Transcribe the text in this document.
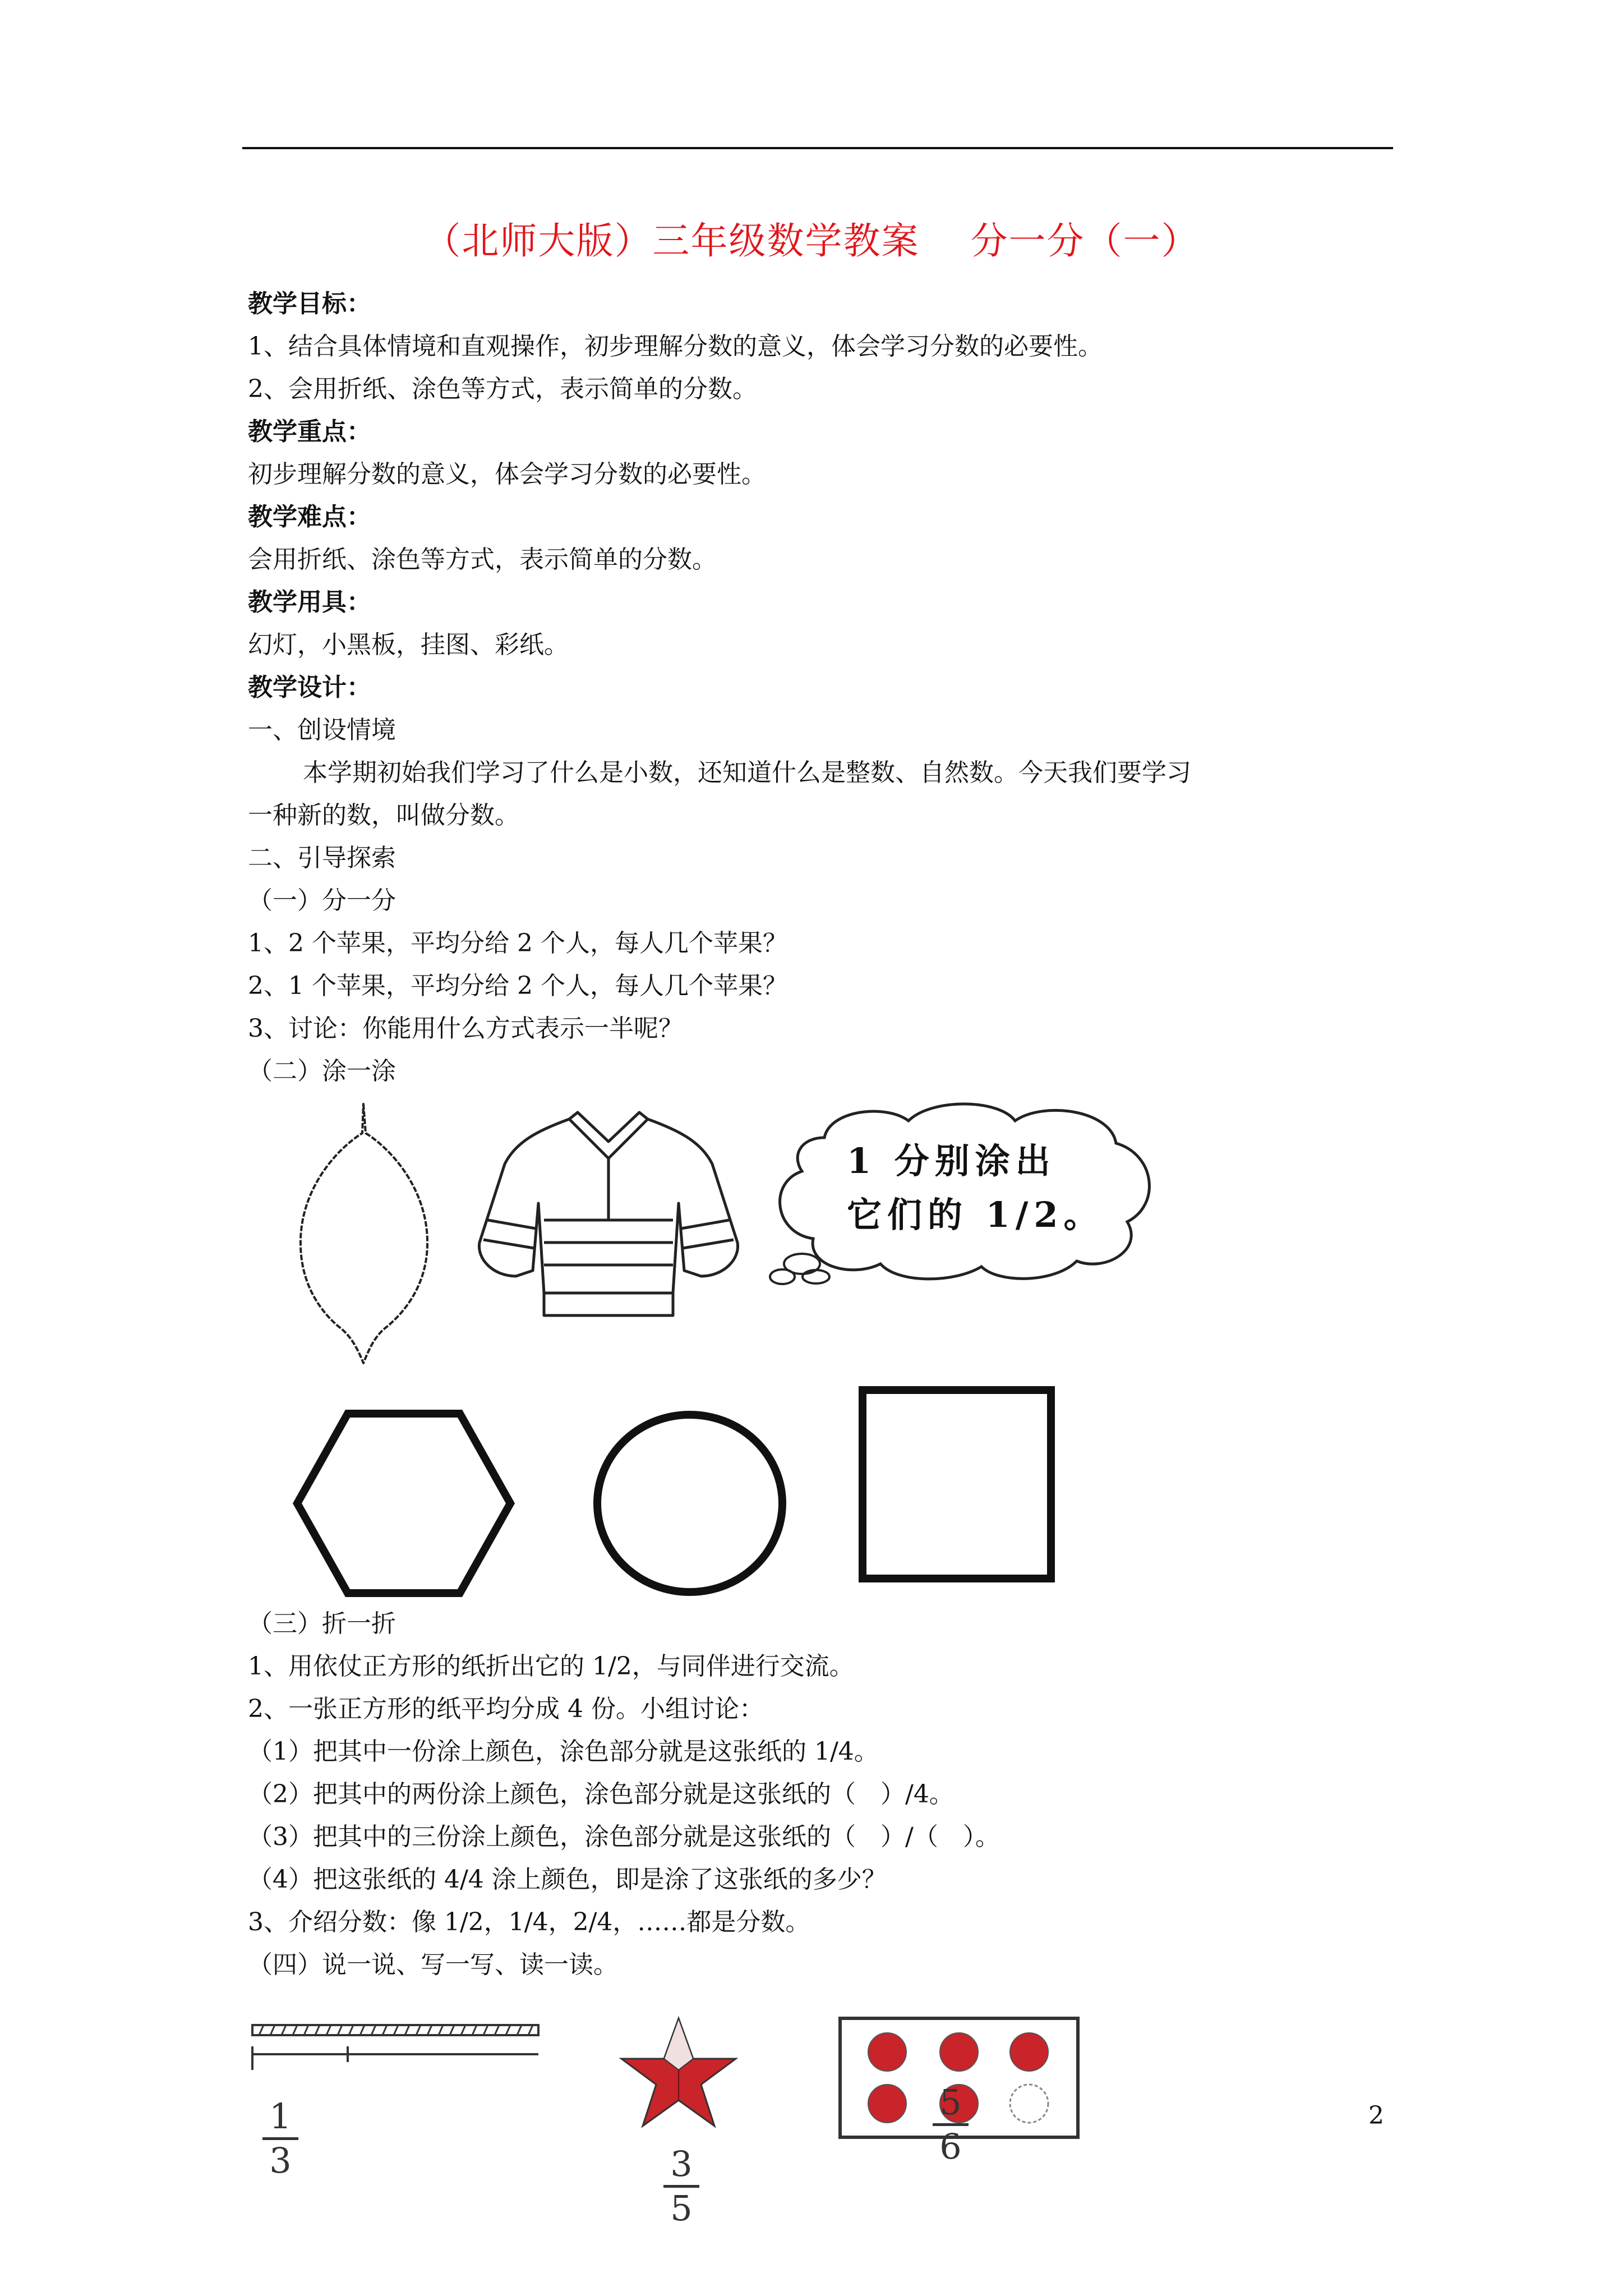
（北师大版）三年级数学教案　 分一分（一）
教学目标：
1、结合具体情境和直观操作，初步理解分数的意义，体会学习分数的必要性。
2、会用折纸、涂色等方式，表示简单的分数。
教学重点：
初步理解分数的意义，体会学习分数的必要性。
教学难点：
会用折纸、涂色等方式，表示简单的分数。
教学用具：
幻灯，小黑板，挂图、彩纸。
教学设计：
一、创设情境
本学期初始我们学习了什么是小数，还知道什么是整数、自然数。今天我们要学习
一种新的数，叫做分数。
二、引导探索
（一）分一分
1、2 个苹果，平均分给 2 个人，每人几个苹果？
2、1 个苹果，平均分给 2 个人，每人几个苹果？
3、讨论：你能用什么方式表示一半呢？
（二）涂一涂
1 分别涂出
它们的 1/2。
（三）折一折
1、用依仗正方形的纸折出它的 1/2，与同伴进行交流。
2、一张正方形的纸平均分成 4 份。小组讨论：
（1）把其中一份涂上颜色，涂色部分就是这张纸的 1/4。
（2）把其中的两份涂上颜色，涂色部分就是这张纸的（　）/4。
（3）把其中的三份涂上颜色，涂色部分就是这张纸的（　）/（　）。
（4）把这张纸的 4/4 涂上颜色，即是涂了这张纸的多少？
3、介绍分数：像 1/2，1/4，2/4，……都是分数。
（四）说一说、写一写、读一读。
1
3	3
5
5
6
2
